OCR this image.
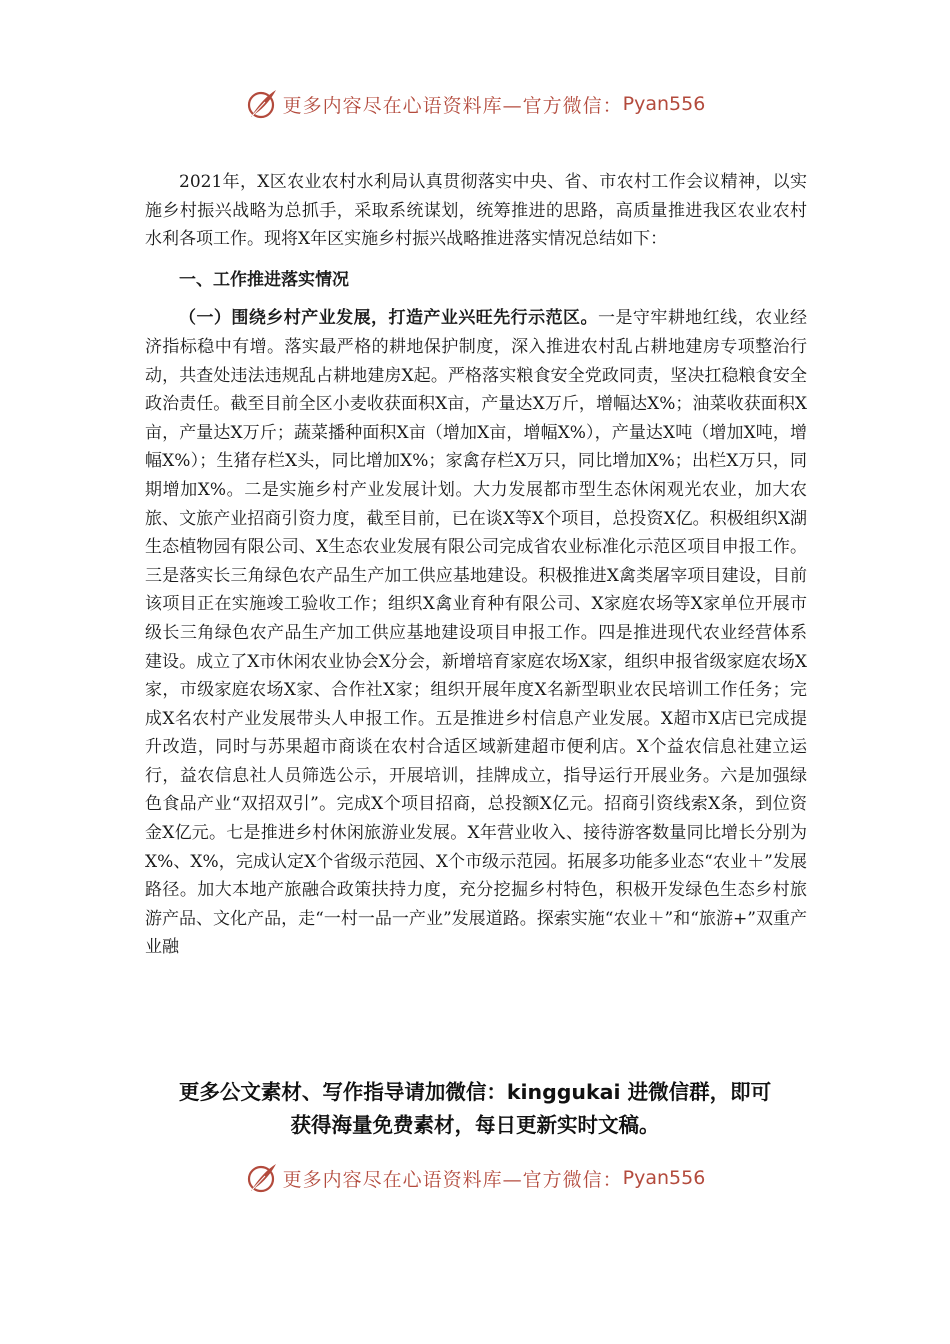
更多内容尽在心语资料库—官方微信： Pyan556

2021年，X区农业农村水利局认真贯彻落实中央、省、市农村工作会议精神，以实施乡村振兴战略为总抓手，采取系统谋划，统筹推进的思路，高质量推进我区农业农村水利各项工作。现将X年区实施乡村振兴战略推进落实情况总结如下：

一、工作推进落实情况

（一）围绕乡村产业发展，打造产业兴旺先行示范区。一是守牢耕地红线，农业经济指标稳中有增。落实最严格的耕地保护制度，深入推进农村乱占耕地建房专项整治行动，共查处违法违规乱占耕地建房X起。严格落实粮食安全党政同责，坚决扛稳粮食安全政治责任。截至目前全区小麦收获面积X亩，产量达X万斤，增幅达X%；油菜收获面积X亩，产量达X万斤；蔬菜播种面积X亩（增加X亩，增幅X%），产量达X吨（增加X吨，增幅X%）；生猪存栏X头，同比增加X%；家禽存栏X万只，同比增加X%；出栏X万只，同期增加X%。二是实施乡村产业发展计划。大力发展都市型生态休闲观光农业，加大农旅、文旅产业招商引资力度，截至目前，已在谈X等X个项目，总投资X亿。积极组织X湖生态植物园有限公司、X生态农业发展有限公司完成省农业标准化示范区项目申报工作。三是落实长三角绿色农产品生产加工供应基地建设。积极推进X禽类屠宰项目建设，目前该项目正在实施竣工验收工作；组织X禽业育种有限公司、X家庭农场等X家单位开展市级长三角绿色农产品生产加工供应基地建设项目申报工作。四是推进现代农业经营体系建设。成立了X市休闲农业协会X分会，新增培育家庭农场X家，组织申报省级家庭农场X家，市级家庭农场X家、合作社X家；组织开展年度X名新型职业农民培训工作任务；完成X名农村产业发展带头人申报工作。五是推进乡村信息产业发展。X超市X店已完成提升改造，同时与苏果超市商谈在农村合适区域新建超市便利店。X个益农信息社建立运行，益农信息社人员筛选公示，开展培训，挂牌成立，指导运行开展业务。六是加强绿色食品产业“双招双引”。完成X个项目招商，总投额X亿元。招商引资线索X条，到位资金X亿元。七是推进乡村休闲旅游业发展。X年营业收入、接待游客数量同比增长分别为X%、X%，完成认定X个省级示范园、X个市级示范园。拓展多功能多业态“农业＋”发展路径。加大本地产旅融合政策扶持力度，充分挖掘乡村特色，积极开发绿色生态乡村旅游产品、文化产品，走“一村一品一产业”发展道路。探索实施“农业＋”和“旅游+”双重产业融

更多公文素材、写作指导请加微信：kinggukai 进微信群，即可
获得海量免费素材，每日更新实时文稿。
更多内容尽在心语资料库—官方微信： Pyan556
